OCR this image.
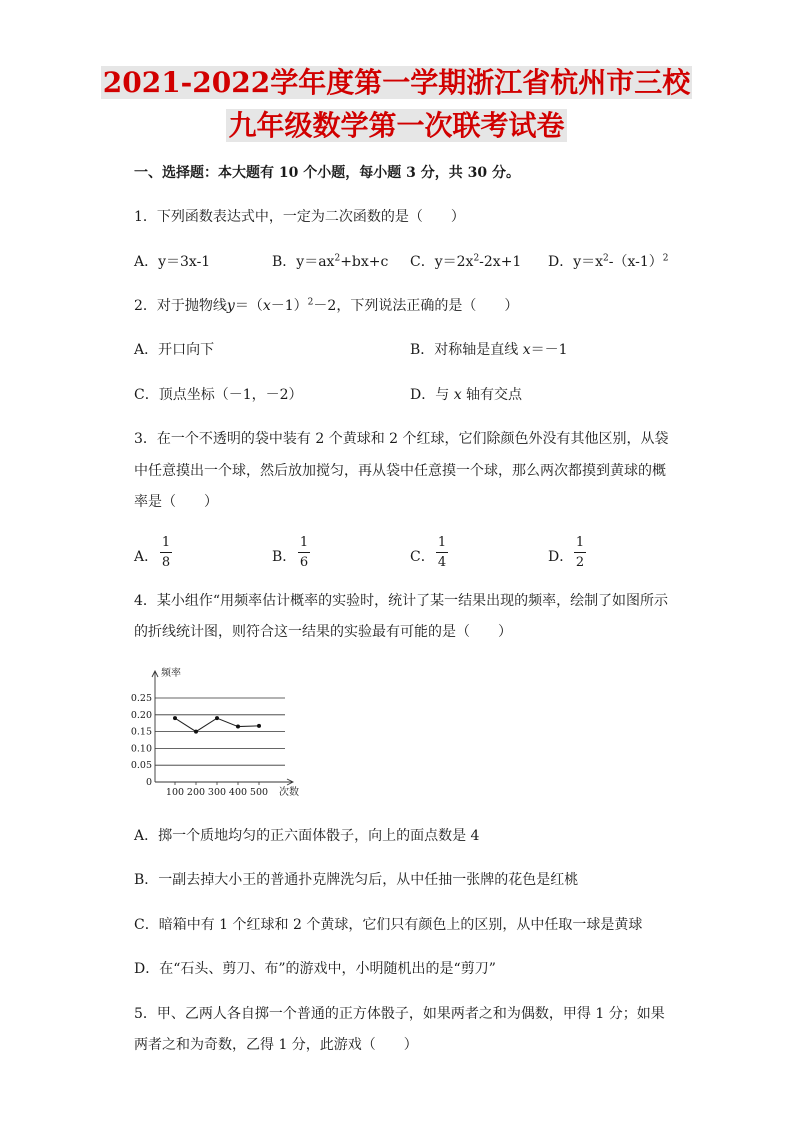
2021-2022学年度第一学期浙江省杭州市三校
九年级数学第一次联考试卷
一、选择题：本大题有 10 个小题，每小题 3 分，共 30 分。
1．下列函数表达式中，一定为二次函数的是（　　）
A．y＝3x-1	B．$y=ax^2+bx+c$ C．$y=2x^2-2x+1$ D．$y=x^2-(x-1)^2$
2．对于抛物线$y=(x-1)^2-2$，下列说法正确的是（　　）
A．开口向下	B．对称轴是直线 x＝－1
C．顶点坐标（－1，－2）	D．与 x 轴有交点
3．在一个不透明的袋中装有 2 个黄球和 2 个红球，它们除颜色外没有其他区别，从袋
中任意摸出一个球，然后放加搅匀，再从袋中任意摸一个球，那么两次都摸到黄球的概
率是（　　）
A．
1
8	B．
1
6	C．
1
4	D．
1
2
4．某小组作“用频率估计概率的实验时，统计了某一结果出现的频率，绘制了如图所示
的折线统计图，则符合这一结果的实验最有可能的是（　　）
0
0.05
0.10
0.15
0.20
0.25
100 200 300 400 500
频率
次数
A．掷一个质地均匀的正六面体骰子，向上的面点数是 4
B．一副去掉大小王的普通扑克牌洗匀后，从中任抽一张牌的花色是红桃
C．暗箱中有 1 个红球和 2 个黄球，它们只有颜色上的区别，从中任取一球是黄球
D．在“石头、剪刀、布”的游戏中，小明随机出的是“剪刀”
5．甲、乙两人各自掷一个普通的正方体骰子，如果两者之和为偶数，甲得 1 分；如果
两者之和为奇数，乙得 1 分，此游戏（　　）
